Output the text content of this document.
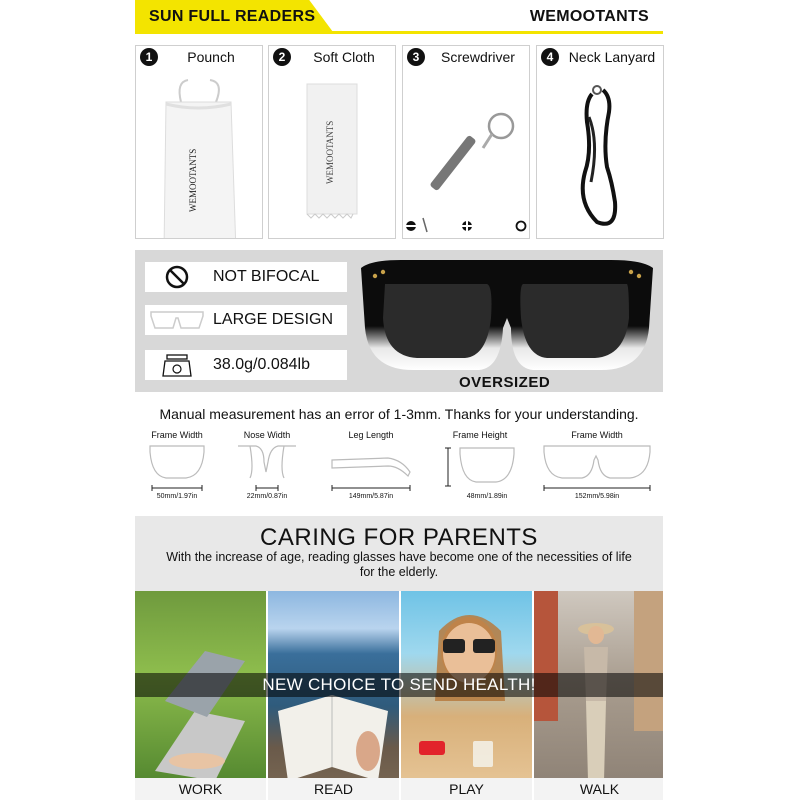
SUN FULL READERS	WEMOOTANTS
1	Pounch
WEMOOTANTS
2	Soft Cloth
WEMOOTANTS
3	Screwdriver	4	Neck Lanyard
NOT BIFOCAL
LARGE DESIGN
38.0g/0.084lb
OVERSIZED
Manual measurement has an error of 1-3mm. Thanks for your understanding.
Frame Width
50mm/1.97in
Nose Width
22mm/0.87in
Leg Length
149mm/5.87in
Frame Height
48mm/1.89in
Frame Width
152mm/5.98in
CARING FOR PARENTS
With the increase of age, reading glasses have become one of the necessities of life for the elderly.
WORK	READ	PLAY	WALK
NEW CHOICE TO SEND HEALTH!
